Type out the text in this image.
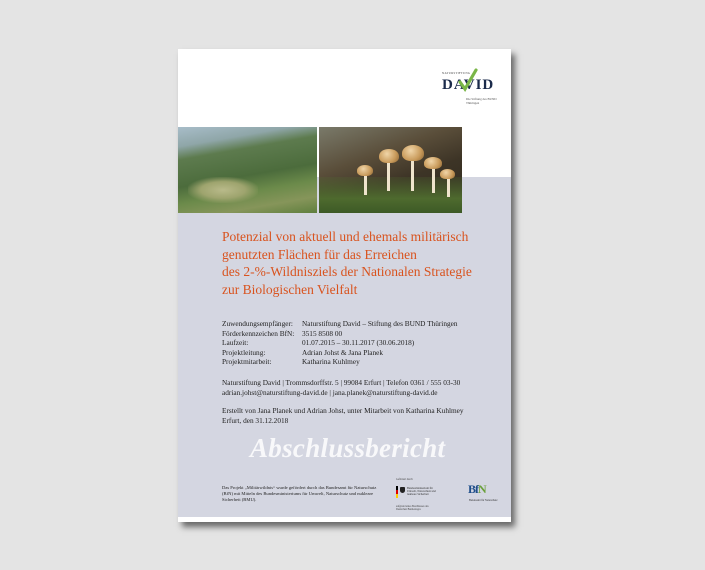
NATURSTIFTUNG
DAVID
Die Stiftung des BUND Thüringen
Potenzial von aktuell und ehemals militärisch
genutzten Flächen für das Erreichen
des 2-%-Wildnisziels der Nationalen Strategie
zur Biologischen Vielfalt
Zuwendungsempfänger:	Naturstiftung David – Stiftung des BUND Thüringen
Förderkennzeichen BfN:	3515 8508 00
Laufzeit:	01.07.2015 – 30.11.2017 (30.06.2018)
Projektleitung:	Adrian Johst & Jana Planek
Projektmitarbeit:	Katharina Kuhlmey
Naturstiftung David | Trommsdorffstr. 5 | 99084 Erfurt | Telefon 0361 / 555 03-30
adrian.johst@naturstiftung-david.de | jana.planek@naturstiftung-david.de
Erstellt von Jana Planek und Adrian Johst, unter Mitarbeit von Katharina Kuhlmey
Erfurt, den 31.12.2018
Abschlussbericht
Das Projekt „Militärwildnis“ wurde gefördert durch das Bundesamt für Naturschutz (BfN) mit Mitteln des Bundesministeriums für Umwelt, Naturschutz und nukleare Sicherheit (BMU).
Gefördert durch
Bundesministerium für Umwelt, Naturschutz und nukleare Sicherheit
aufgrund eines Beschlusses des Deutschen Bundestages
BfN
Bundesamt für Naturschutz
